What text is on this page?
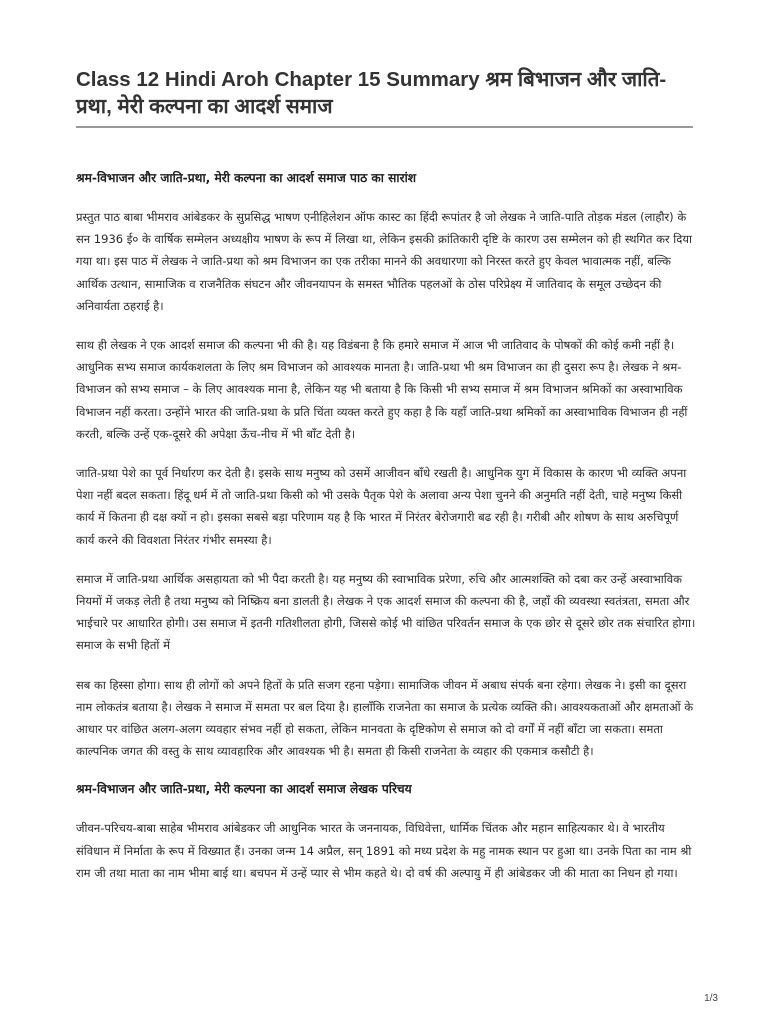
Class 12 Hindi Aroh Chapter 15 Summary श्रम बिभाजन और जाति-प्रथा, मेरी कल्पना का आदर्श समाज
श्रम-विभाजन और जाति-प्रथा, मेरी कल्पना का आदर्श समाज पाठ का सारांश

प्रस्तुत पाठ बाबा भीमराव आंबेडकर के सुप्रसिद्ध भाषण एनीहिलेशन ऑफ कास्ट का हिंदी रूपांतर है जो लेखक ने जाति-पाति तोड़क मंडल (लाहौर) के सन 1936 ई० के वार्षिक सम्मेलन अध्यक्षीय भाषण के रूप में लिखा था, लेकिन इसकी क्रांतिकारी दृष्टि के कारण उस सम्मेलन को ही स्थगित कर दिया गया था। इस पाठ में लेखक ने जाति-प्रथा को श्रम विभाजन का एक तरीका मानने की अवधारणा को निरस्त करते हुए केवल भावात्मक नहीं, बल्कि आर्थिक उत्थान, सामाजिक व राजनैतिक संघटन और जीवनयापन के समस्त भौतिक पहलओं के ठोस परिप्रेक्ष्य में जातिवाद के समूल उच्छेदन की अनिवार्यता ठहराई है।

साथ ही लेखक ने एक आदर्श समाज की कल्पना भी की है। यह विडंबना है कि हमारे समाज में आज भी जातिवाद के पोषकों की कोई कमी नहीं है। आधुनिक सभ्य समाज कार्यकशलता के लिए श्रम विभाजन को आवश्यक मानता है। जाति-प्रथा भी श्रम विभाजन का ही दुसरा रूप है। लेखक ने श्रम-विभाजन को सभ्य समाज – के लिए आवश्यक माना है, लेकिन यह भी बताया है कि किसी भी सभ्य समाज में श्रम विभाजन श्रमिकों का अस्वाभाविक विभाजन नहीं करता। उन्होंने भारत की जाति-प्रथा के प्रति चिंता व्यक्त करते हुए कहा है कि यहाँ जाति-प्रथा श्रमिकों का अस्वाभाविक विभाजन ही नहीं करती, बल्कि उन्हें एक-दूसरे की अपेक्षा ऊँच-नीच में भी बाँट देती है।

जाति-प्रथा पेशे का पूर्व निर्धारण कर देती है। इसके साथ मनुष्य को उसमें आजीवन बाँधे रखती है। आधुनिक युग में विकास के कारण भी व्यक्ति अपना पेशा नहीं बदल सकता। हिंदू धर्म में तो जाति-प्रथा किसी को भी उसके पैतृक पेशे के अलावा अन्य पेशा चुनने की अनुमति नहीं देती, चाहे मनुष्य किसी कार्य में कितना ही दक्ष क्यों न हो। इसका सबसे बड़ा परिणाम यह है कि भारत में निरंतर बेरोजगारी बढ रही है। गरीबी और शोषण के साथ अरुचिपूर्ण कार्य करने की विवशता निरंतर गंभीर समस्या है।

समाज में जाति-प्रथा आर्थिक असहायता को भी पैदा करती है। यह मनुष्य की स्वाभाविक प्ररेणा, रुचि और आत्मशक्ति को दबा कर उन्हें अस्वाभाविक नियमों में जकड़ लेती है तथा मनुष्य को निष्क्रिय बना डालती है। लेखक ने एक आदर्श समाज की कल्पना की है, जहाँ की व्यवस्था स्वतंत्रता, समता और भाईचारे पर आधारित होगी। उस समाज में इतनी गतिशीलता होगी, जिससे कोई भी वांछित परिवर्तन समाज के एक छोर से दूसरे छोर तक संचारित होगा। समाज के सभी हितों में

सब का हिस्सा होगा। साथ ही लोगों को अपने हितों के प्रति सजग रहना पड़ेगा। सामाजिक जीवन में अबाध संपर्क बना रहेगा। लेखक ने। इसी का दूसरा नाम लोकतंत्र बताया है। लेखक ने समाज में समता पर बल दिया है। हालाँकि राजनेता का समाज के प्रत्येक व्यक्ति की। आवश्यकताओं और क्षमताओं के आधार पर वांछित अलग-अलग व्यवहार संभव नहीं हो सकता, लेकिन मानवता के दृष्टिकोण से समाज को दो वर्गों में नहीं बाँटा जा सकता। समता काल्पनिक जगत की वस्तु के साथ व्यावहारिक और आवश्यक भी है। समता ही किसी राजनेता के व्यहार की एकमात्र कसौटी है।

श्रम-विभाजन और जाति-प्रथा, मेरी कल्पना का आदर्श समाज लेखक परिचय

जीवन-परिचय-बाबा साहेब भीमराव आंबेडकर जी आधुनिक भारत के जननायक, विधिवेत्ता, धार्मिक चिंतक और महान साहित्यकार थे। वे भारतीय संविधान में निर्माता के रूप में विख्यात हैं। उनका जन्म 14 अप्रैल, सन् 1891 को मध्य प्रदेश के महु नामक स्थान पर हुआ था। उनके पिता का नाम श्री राम जी तथा माता का नाम भीमा बाई था। बचपन में उन्हें प्यार से भीम कहते थे। दो वर्ष की अल्पायु में ही आंबेडकर जी की माता का निधन हो गया।

1/3
